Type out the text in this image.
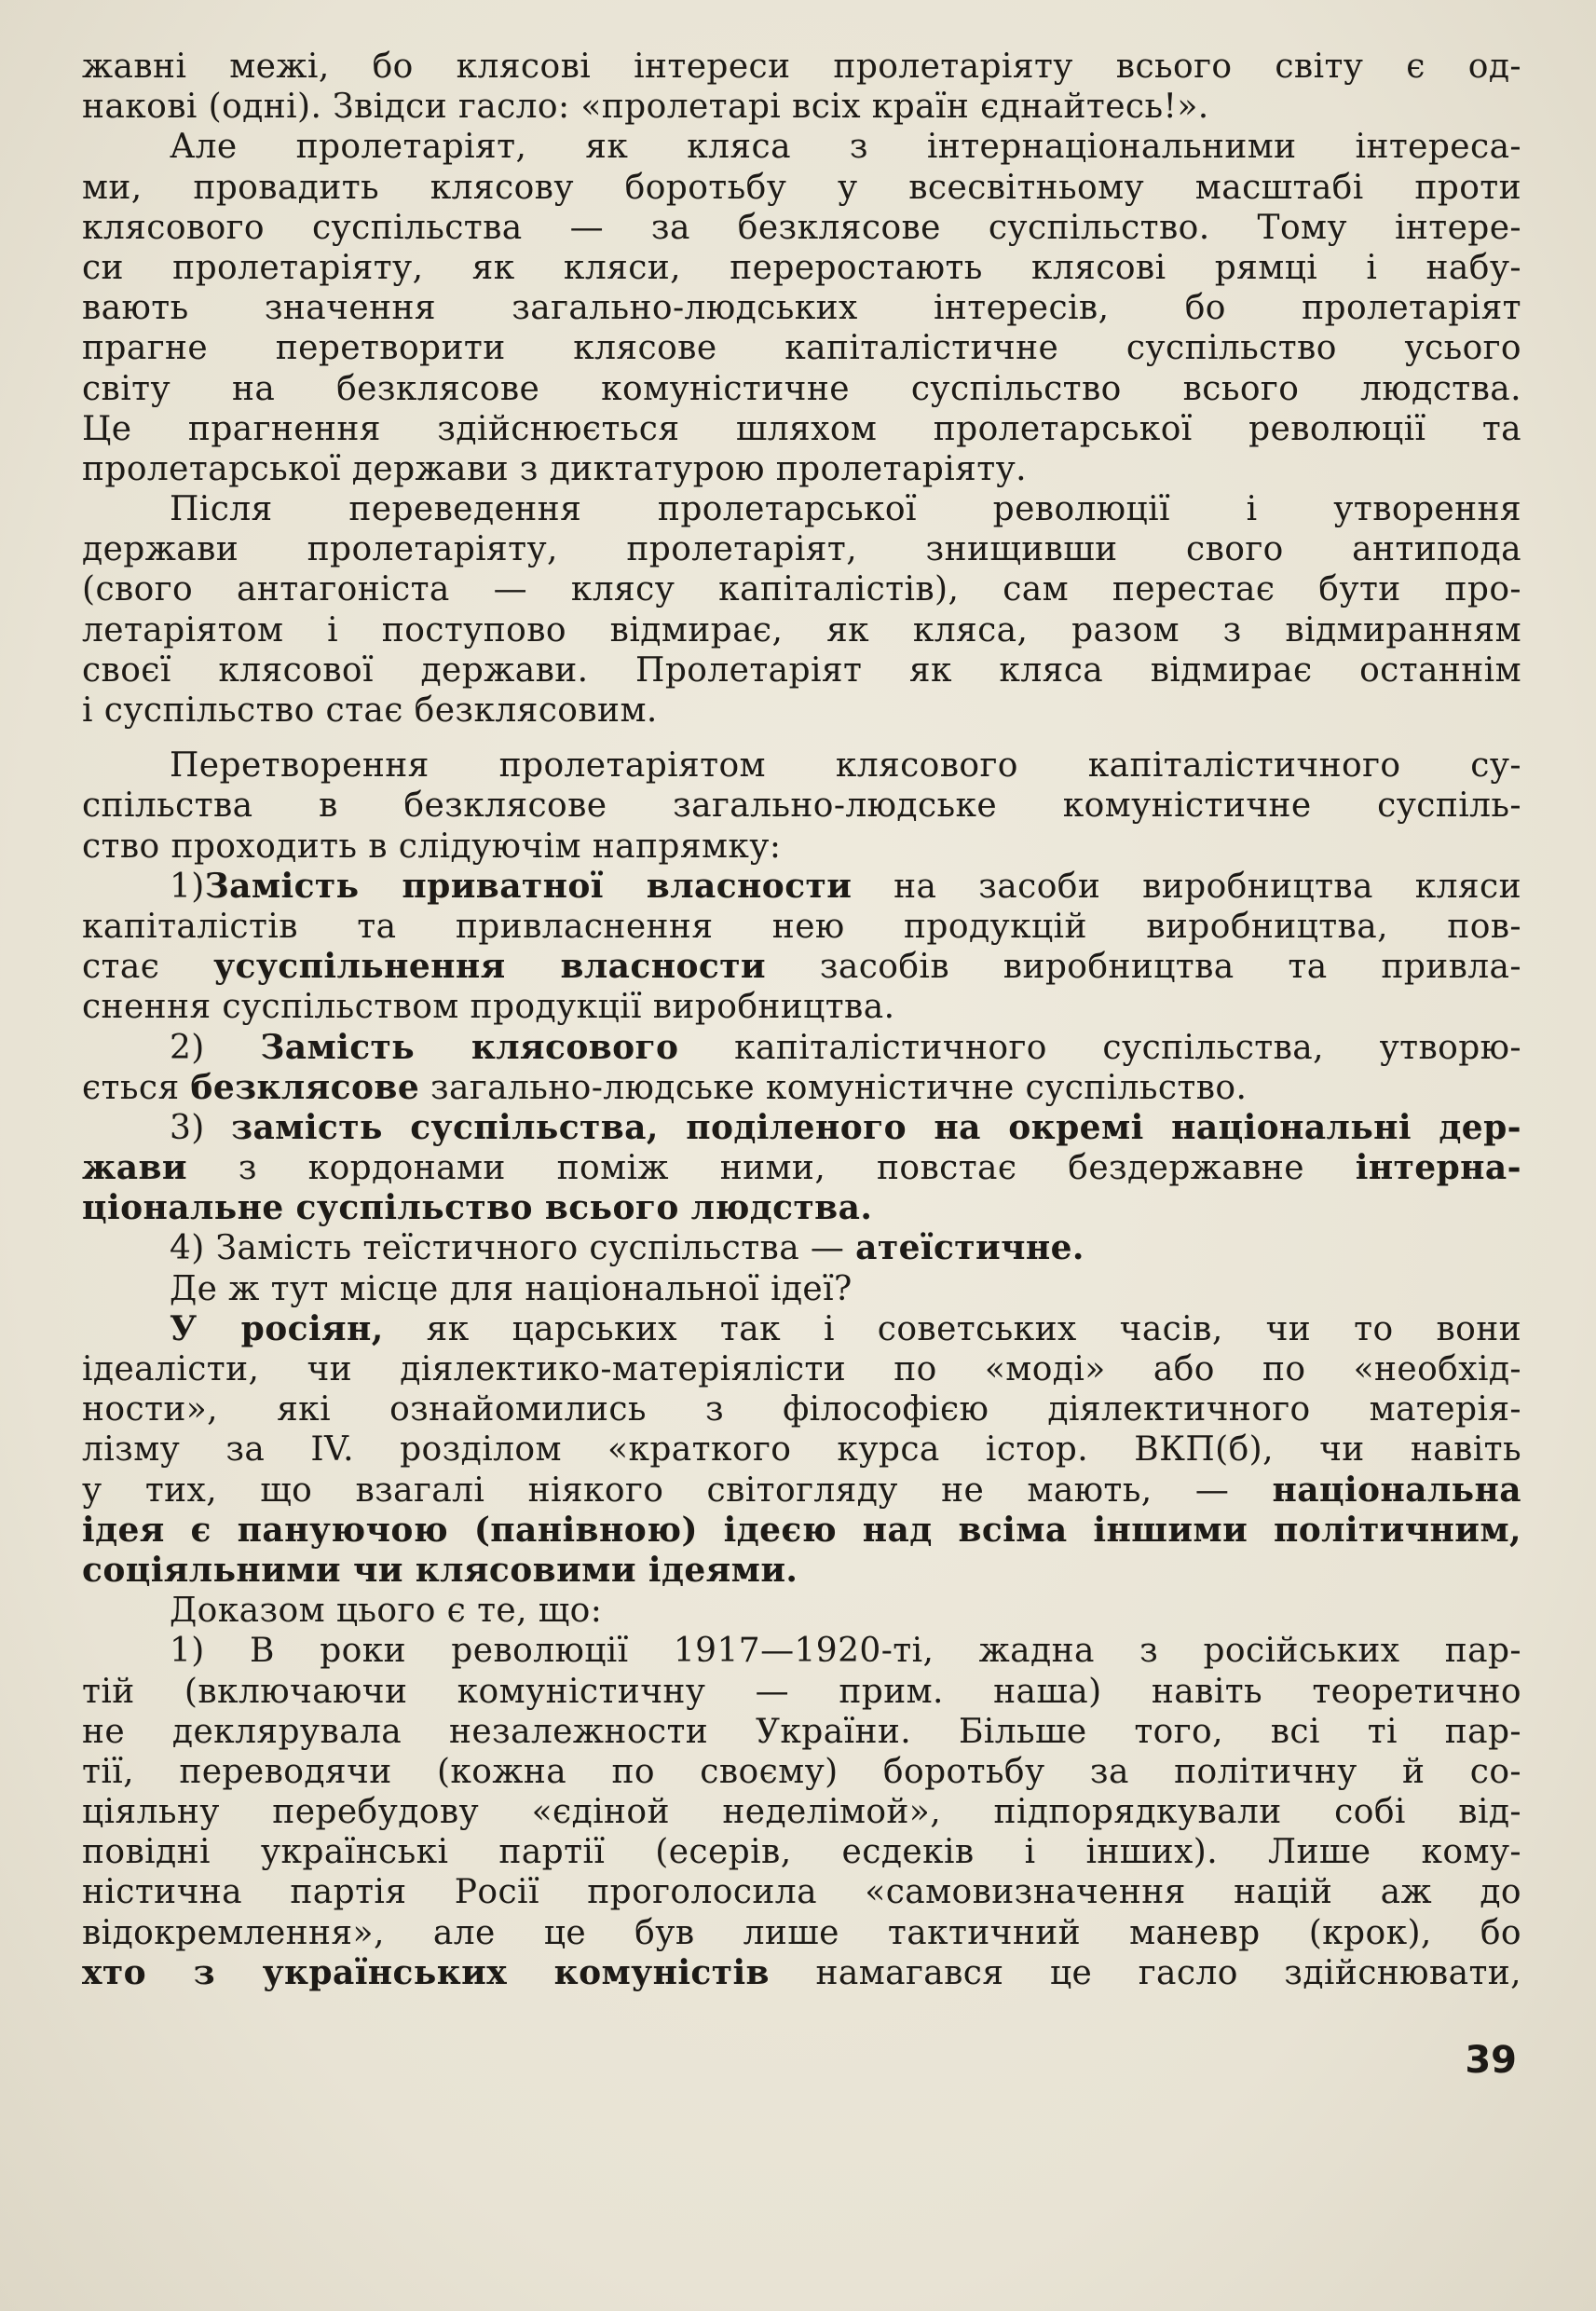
жавні межі, бо клясові інтереси пролетаріяту всього світу є од-
накові (одні). Звідси гасло: «пролетарі всіх країн єднайтесь!».
Але пролетаріят, як кляса з інтернаціональними інтереса-
ми, провадить клясову боротьбу у всесвітньому масштабі проти
клясового суспільства — за безклясове суспільство. Тому інтере-
си пролетаріяту, як кляси, переростають клясові рямці і набу-
вають значення загально-людських інтересів, бо пролетаріят
прагне перетворити клясове капіталістичне суспільство усього
світу на безклясове комуністичне суспільство всього людства.
Це прагнення здійснюється шляхом пролетарської революції та
пролетарської держави з диктатурою пролетаріяту.
Після переведення пролетарської революції і утворення
держави пролетаріяту, пролетаріят, знищивши свого антипода
(свого антагоніста — клясу капіталістів), сам перестає бути про-
летаріятом і поступово відмирає, як кляса, разом з відмиранням
своєї клясової держави. Пролетаріят як кляса відмирає останнім
і суспільство стає безклясовим.
Перетворення пролетаріятом клясового капіталістичного су-
спільства в безклясове загально-людське комуністичне суспіль-
ство проходить в слідуючім напрямку:
1)Замість приватної власности на засоби виробництва кляси
капіталістів та привласнення нею продукцій виробництва, пов-
стає усуспільнення власности засобів виробництва та привла-
снення суспільством продукції виробництва.
2) Замість клясового капіталістичного суспільства, утворю-
ється безклясове загально-людське комуністичне суспільство.
3) замість суспільства, поділеного на окремі національні дер-
жави з кордонами поміж ними, повстає бездержавне інтерна-
ціональне суспільство всього людства.
4) Замість теїстичного суспільства — атеїстичне.
Де ж тут місце для національної ідеї?
У росіян, як царських так і советських часів, чи то вони
ідеалісти, чи діялектико-матеріялісти по «моді» або по «необхід-
ности», які ознайомились з філософією діялектичного матерія-
лізму за IV. розділом «краткого курса істор. ВКП(б), чи навіть
у тих, що взагалі ніякого світогляду не мають, — національна
ідея є пануючою (панівною) ідеєю над всіма іншими політичним,
соціяльними чи клясовими ідеями.
Доказом цього є те, що:
1) В роки революції 1917—1920-ті, жадна з російських пар-
тій (включаючи комуністичну — прим. наша) навіть теоретично
не деклярувала незалежности України. Більше того, всі ті пар-
тії, переводячи (кожна по своєму) боротьбу за політичну й со-
ціяльну перебудову «єдіной неделімой», підпорядкували собі від-
повідні українські партії (есерів, есдеків і інших). Лише кому-
ністична партія Росії проголосила «самовизначення націй аж до
відокремлення», але це був лише тактичний маневр (крок), бо
хто з українських комуністів намагався це гасло здійснювати,
39
